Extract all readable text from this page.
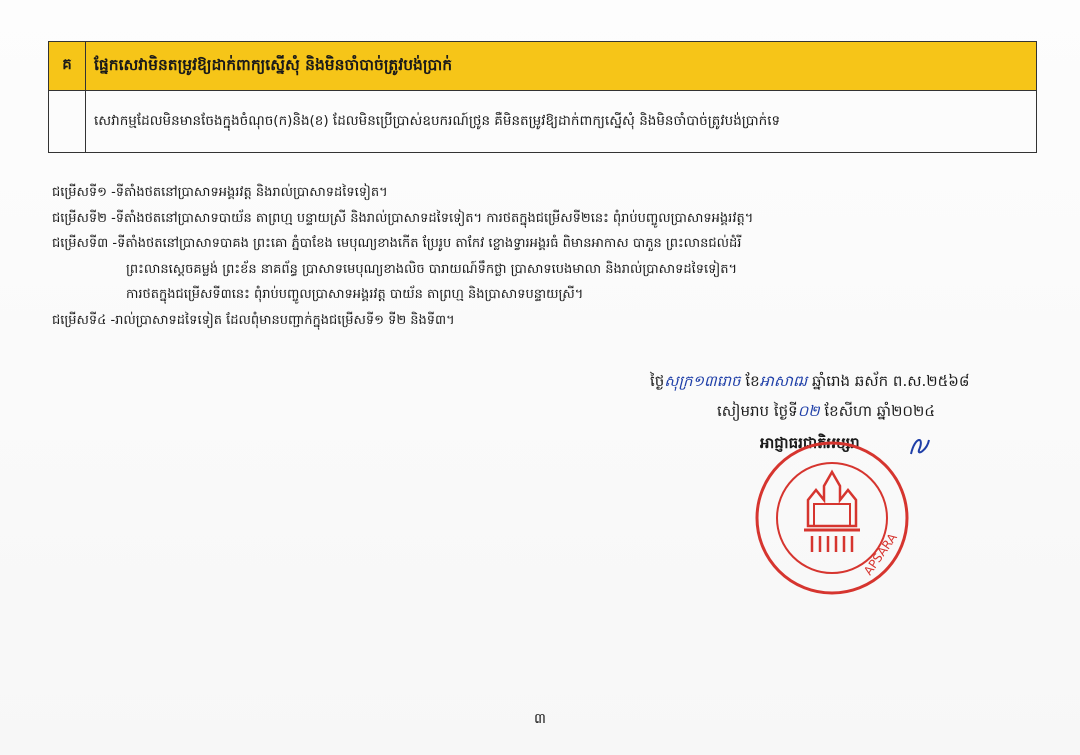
គ	ផ្នែកសេវាមិនតម្រូវឱ្យដាក់ពាក្យស្នើសុំ និងមិនចាំបាច់ត្រូវបង់ប្រាក់
សេវាកម្មដែលមិនមានចែងក្នុងចំណុច(ក)និង(ខ) ដែលមិនប្រើប្រាស់ឧបករណ៍ថ្រូន គឺមិនតម្រូវឱ្យដាក់ពាក្យស្នើសុំ និងមិនចាំបាច់ត្រូវបង់ប្រាក់ទេ
ជម្រើសទី១ - ទីតាំងថតនៅប្រាសាទអង្គរវត្ត និងរាល់ប្រាសាទដទៃទៀត។
ជម្រើសទី២ - ទីតាំងថតនៅប្រាសាទបាយ័ន តាព្រហ្ម បន្ទាយស្រី និងរាល់ប្រាសាទដទៃទៀត។ ការថតក្នុងជម្រើសទី២នេះ ពុំរាប់បញ្ចូលប្រាសាទអង្គរវត្ត។
ជម្រើសទី៣ - ទីតាំងថតនៅប្រាសាទបាគង ព្រះគោ ភ្នំបាខែង មេបុណ្យខាងកើត ប្រែរូប តាកែវ ខ្លោងទ្វារអង្គរធំ ពិមានអាកាស បាភួន ព្រះលានជល់ដំរី
ព្រះលានស្តេចគម្លង់ ព្រះខ័ន នាគព័ន្ធ ប្រាសាទមេបុណ្យខាងលិច បារាយណ៍ទឹកថ្លា ប្រាសាទបេងមាលា និងរាល់ប្រាសាទដទៃទៀត។
ការថតក្នុងជម្រើសទី៣នេះ ពុំរាប់បញ្ចូលប្រាសាទអង្គរវត្ត បាយ័ន តាព្រហ្ម និងប្រាសាទបន្ទាយស្រី។
ជម្រើសទី៤ - រាល់ប្រាសាទដទៃទៀត ដែលពុំមានបញ្ជាក់ក្នុងជម្រើសទី១ ទី២ និងទី៣។
ថ្ងៃសុក្រ១៣រោច ខែអាសាឍ ឆ្នាំរោង ឆស័ក ព.ស.២៥៦៨
សៀមរាប ថ្ងៃទី០២ ខែសីហា ឆ្នាំ២០២៤
អាជ្ញាធរជាតិអប្សរា
APSARA
៣
